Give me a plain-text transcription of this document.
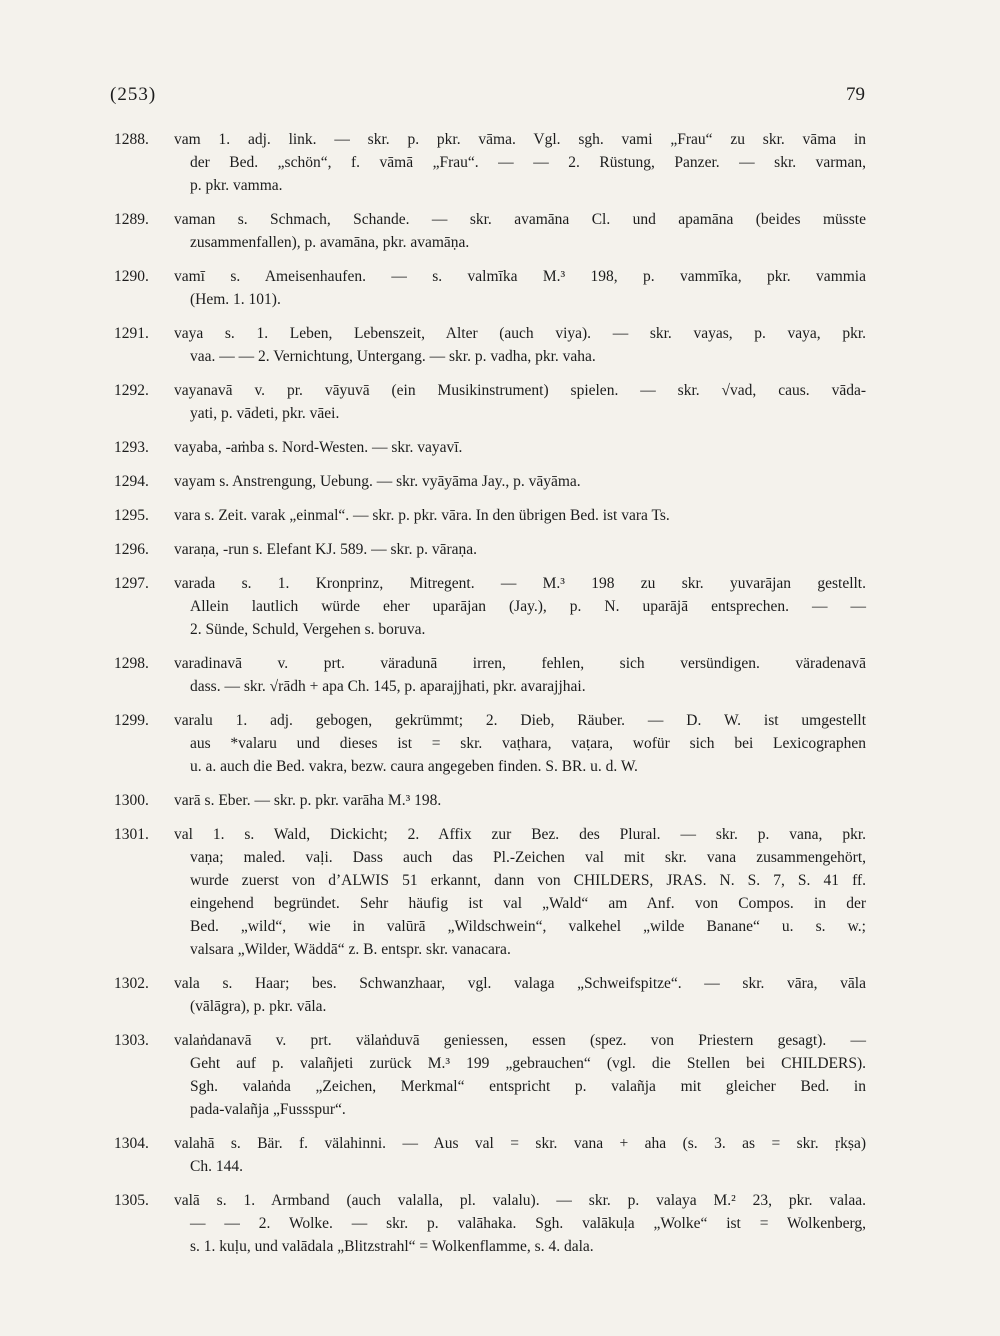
(253)	79
1288. vam 1. adj. link. — skr. p. pkr. vāma. Vgl. sgh. vami „Frau“ zu skr. vāma in
der Bed. „schön“, f. vāmā „Frau“. — — 2. Rüstung, Panzer. — skr. varman,
p. pkr. vamma.
1289. vaman s. Schmach, Schande. — skr. avamāna Cl. und apamāna (beides müsste
zusammenfallen), p. avamāna, pkr. avamāṇa.
1290. vamī s. Ameisenhaufen. — s. valmīka M.³ 198, p. vammīka, pkr. vammia
(Hem. 1. 101).
1291. vaya s. 1. Leben, Lebenszeit, Alter (auch viya). — skr. vayas, p. vaya, pkr.
vaa. — — 2. Vernichtung, Untergang. — skr. p. vadha, pkr. vaha.
1292. vayanavā v. pr. vāyuvā (ein Musikinstrument) spielen. — skr. √vad, caus. vāda-
yati, p. vādeti, pkr. vāei.
1293. vayaba, -aṁba s. Nord-Westen. — skr. vayavī.
1294. vayam s. Anstrengung, Uebung. — skr. vyāyāma Jay., p. vāyāma.
1295. vara s. Zeit. varak „einmal“. — skr. p. pkr. vāra. In den übrigen Bed. ist vara Ts.
1296. varaṇa, -run s. Elefant KJ. 589. — skr. p. vāraṇa.
1297. varada s. 1. Kronprinz, Mitregent. — M.³ 198 zu skr. yuvarājan gestellt.
Allein lautlich würde eher uparājan (Jay.), p. N. uparājā entsprechen. — —
2. Sünde, Schuld, Vergehen s. boruva.
1298. varadinavā v. prt. väradunā irren, fehlen, sich versündigen. väradenavā
dass. — skr. √rādh + apa Ch. 145, p. aparajjhati, pkr. avarajjhai.
1299. varalu 1. adj. gebogen, gekrümmt; 2. Dieb, Räuber. — D. W. ist umgestellt
aus *valaru und dieses ist = skr. vaṭhara, vaṭara, wofür sich bei Lexicographen
u. a. auch die Bed. vakra, bezw. caura angegeben finden. S. BR. u. d. W.
1300. varā s. Eber. — skr. p. pkr. varāha M.³ 198.
1301. val 1. s. Wald, Dickicht; 2. Affix zur Bez. des Plural. — skr. p. vana, pkr.
vaṇa; maled. vaḷi. Dass auch das Pl.-Zeichen val mit skr. vana zusammengehört,
wurde zuerst von d’ALWIS 51 erkannt, dann von CHILDERS, JRAS. N. S. 7, S. 41 ff.
eingehend begründet. Sehr häufig ist val „Wald“ am Anf. von Compos. in der
Bed. „wild“, wie in valūrā „Wildschwein“, valkehel „wilde Banane“ u. s. w.;
valsara „Wilder, Wäddā“ z. B. entspr. skr. vanacara.
1302. vala s. Haar; bes. Schwanzhaar, vgl. valaga „Schweifspitze“. — skr. vāra, vāla
(vālāgra), p. pkr. vāla.
1303. valaṅdanavā v. prt. välaṅduvā geniessen, essen (spez. von Priestern gesagt). —
Geht auf p. valañjeti zurück M.³ 199 „gebrauchen“ (vgl. die Stellen bei CHILDERS).
Sgh. valaṅda „Zeichen, Merkmal“ entspricht p. valañja mit gleicher Bed. in
pada-valañja „Fussspur“.
1304. valahā s. Bär. f. välahinni. — Aus val = skr. vana + aha (s. 3. as = skr. ṛkṣa)
Ch. 144.
1305. valā s. 1. Armband (auch valalla, pl. valalu). — skr. p. valaya M.² 23, pkr. valaa.
— — 2. Wolke. — skr. p. valāhaka. Sgh. valākuḷa „Wolke“ ist = Wolkenberg,
s. 1. kuḷu, und valādala „Blitzstrahl“ = Wolkenflamme, s. 4. dala.
